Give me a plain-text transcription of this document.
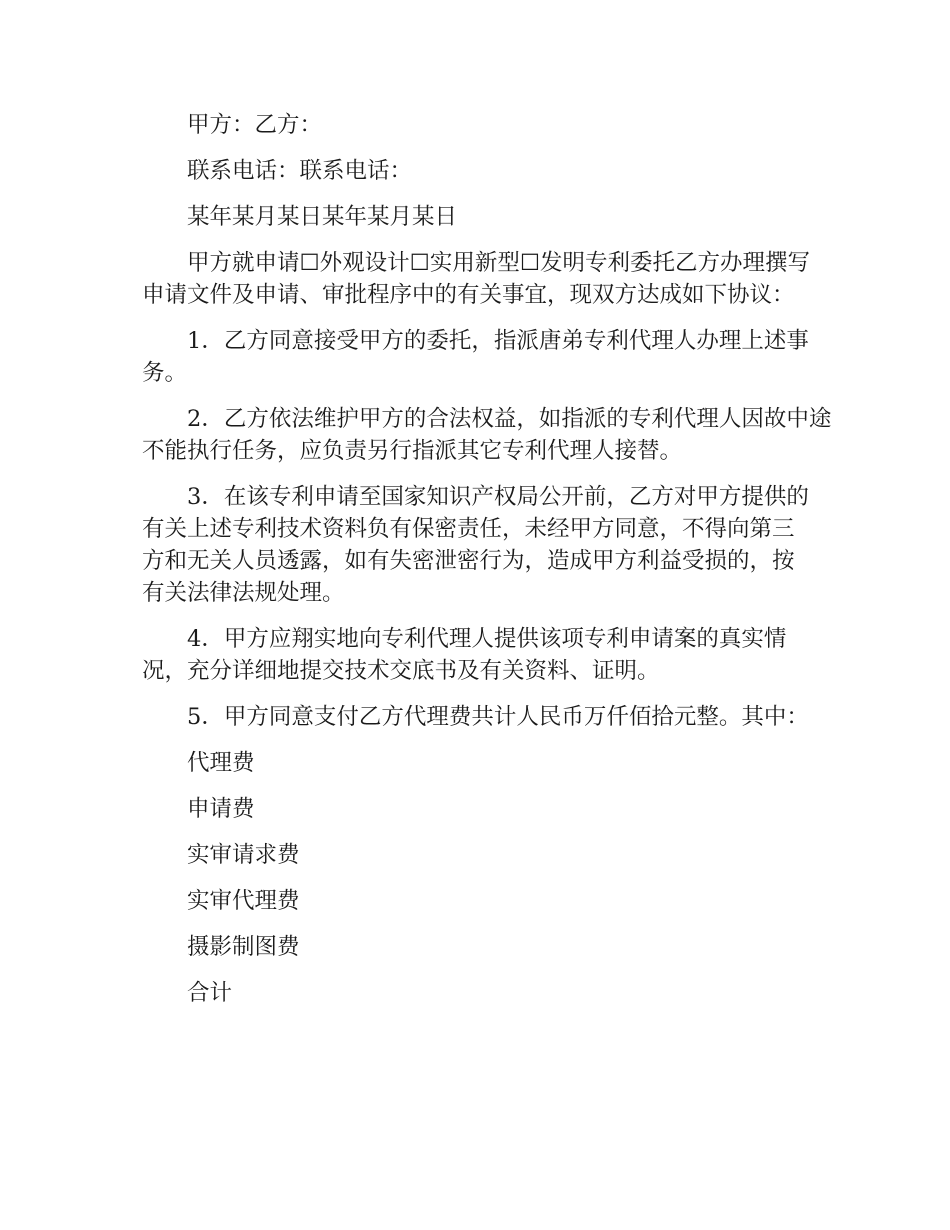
甲方：乙方：

联系电话：联系电话：

某年某月某日某年某月某日

甲方就申请☐外观设计☐实用新型☐发明专利委托乙方办理撰写申请文件及申请、审批程序中的有关事宜，现双方达成如下协议：

1．乙方同意接受甲方的委托，指派唐弟专利代理人办理上述事务。

2．乙方依法维护甲方的合法权益，如指派的专利代理人因故中途不能执行任务，应负责另行指派其它专利代理人接替。

3．在该专利申请至国家知识产权局公开前，乙方对甲方提供的有关上述专利技术资料负有保密责任，未经甲方同意，不得向第三方和无关人员透露，如有失密泄密行为，造成甲方利益受损的，按有关法律法规处理。

4．甲方应翔实地向专利代理人提供该项专利申请案的真实情况，充分详细地提交技术交底书及有关资料、证明。

5．甲方同意支付乙方代理费共计人民币万仟佰拾元整。其中：

代理费

申请费

实审请求费

实审代理费

摄影制图费

合计
